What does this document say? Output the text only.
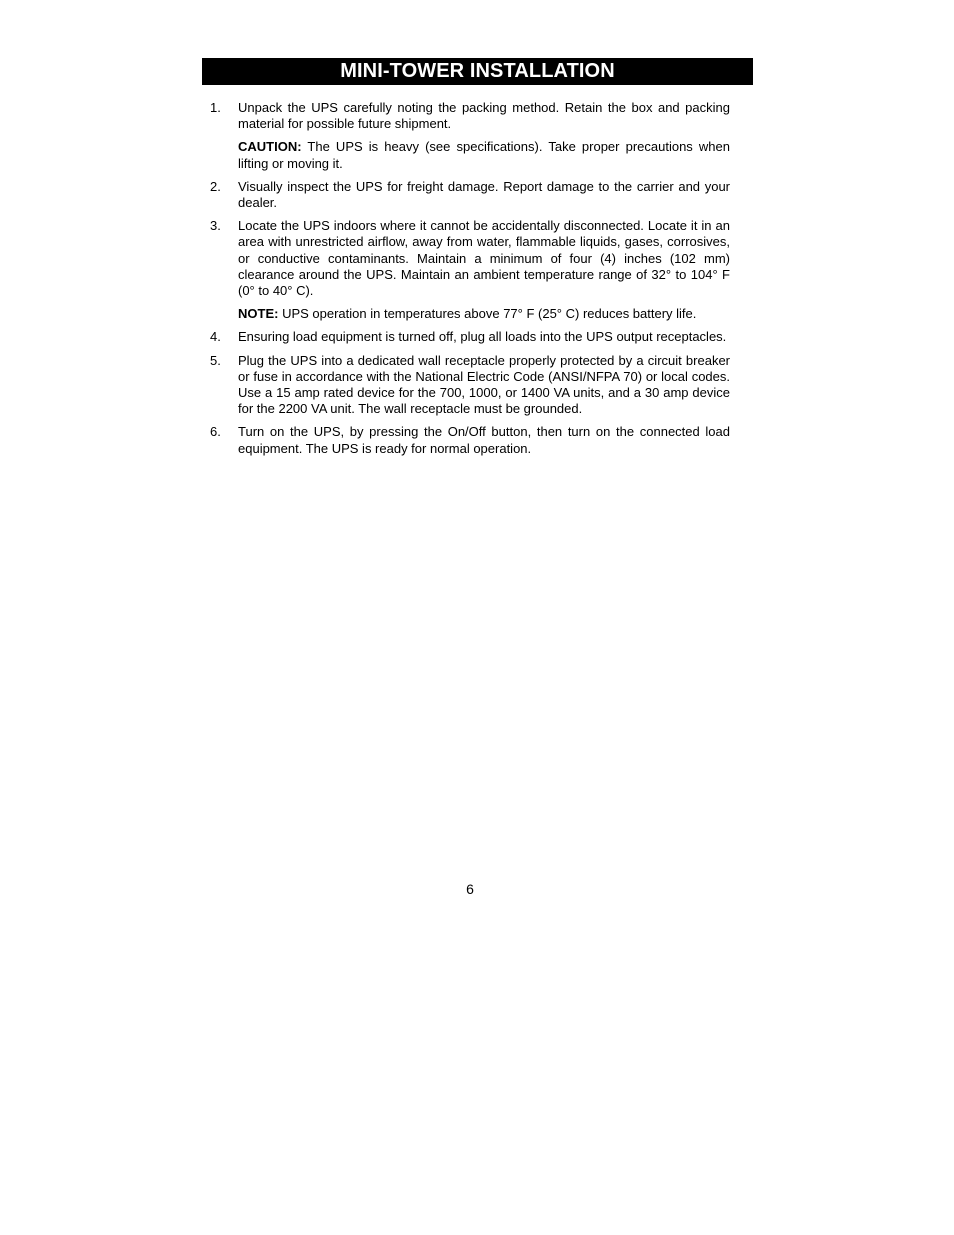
MINI-TOWER INSTALLATION
1.	Unpack the UPS carefully noting the packing method. Retain the box and packing material for possible future shipment.

CAUTION: The UPS is heavy (see specifications). Take proper precautions when lifting or moving it.

2.	Visually inspect the UPS for freight damage. Report damage to the carrier and your dealer.

3.	Locate the UPS indoors where it cannot be accidentally disconnected. Locate it in an area with unrestricted airflow, away from water, flammable liquids, gases, corrosives, or conductive contaminants. Maintain a minimum of four (4) inches (102 mm) clearance around the UPS. Maintain an ambient temperature range of 32° to 104° F (0° to 40° C).

NOTE: UPS operation in temperatures above 77° F (25° C) reduces battery life.

4.	Ensuring load equipment is turned off, plug all loads into the UPS output receptacles.

5.	Plug the UPS into a dedicated wall receptacle properly protected by a circuit breaker or fuse in accordance with the National Electric Code (ANSI/NFPA 70) or local codes. Use a 15 amp rated device for the 700, 1000, or 1400 VA units, and a 30 amp device for the 2200 VA unit. The wall receptacle must be grounded.

6.	Turn on the UPS, by pressing the On/Off button, then turn on the connected load equipment. The UPS is ready for normal operation.

6
